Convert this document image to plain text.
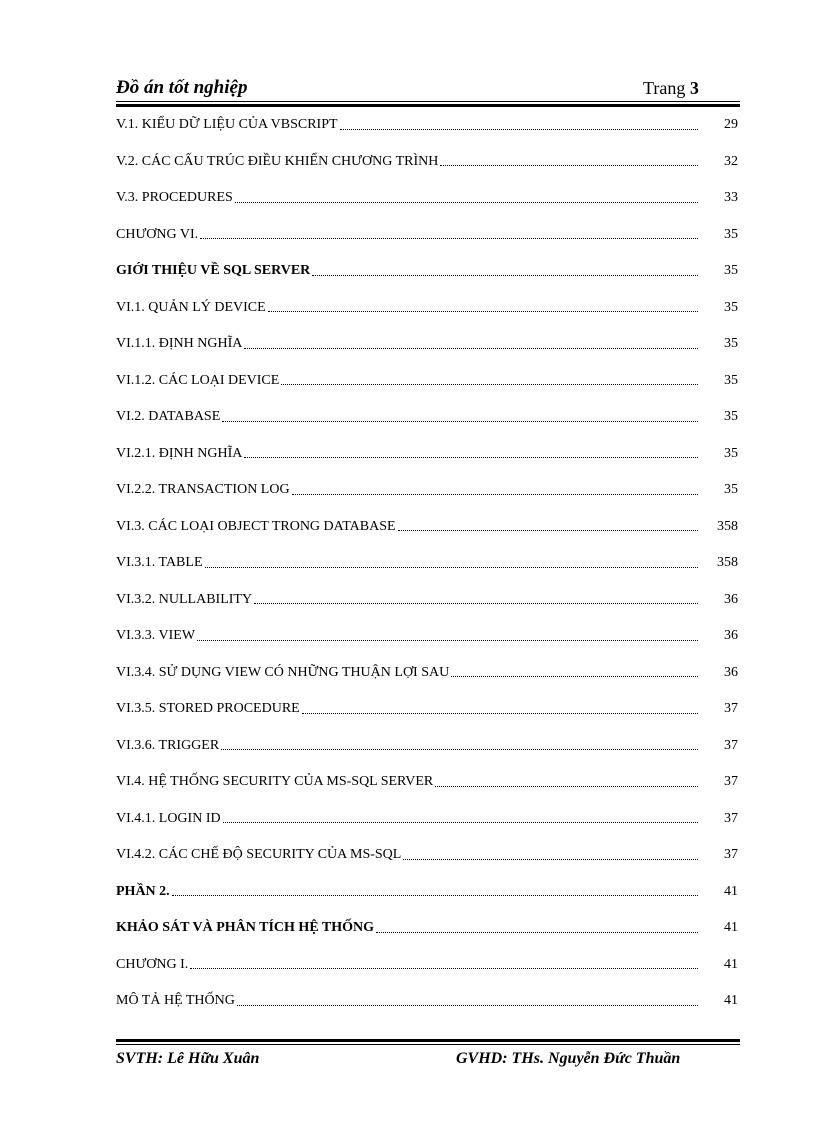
Đồ án tốt nghiệp	Trang 3
V.1. KIỂU DỮ LIỆU CỦA VBSCRIPT	29
V.2. CÁC CẤU TRÚC ĐIỀU KHIỂN CHƯƠNG TRÌNH	32
V.3. PROCEDURES	33
CHƯƠNG VI.	35
GIỚI THIỆU VỀ SQL SERVER	35
VI.1. QUẢN LÝ DEVICE	35
VI.1.1. ĐỊNH NGHĨA	35
VI.1.2. CÁC LOẠI DEVICE	35
VI.2. DATABASE	35
VI.2.1. ĐỊNH NGHĨA	35
VI.2.2. TRANSACTION LOG	35
VI.3. CÁC LOẠI OBJECT TRONG DATABASE	358
VI.3.1. TABLE	358
VI.3.2. NULLABILITY	36
VI.3.3. VIEW	36
VI.3.4. SỬ DỤNG VIEW CÓ NHỮNG THUẬN LỢI SAU	36
VI.3.5. STORED PROCEDURE	37
VI.3.6. TRIGGER	37
VI.4. HỆ THỐNG SECURITY CỦA MS-SQL SERVER	37
VI.4.1. LOGIN ID	37
VI.4.2. CÁC CHẾ ĐỘ SECURITY CỦA MS-SQL	37
PHẦN 2.	41
KHẢO SÁT VÀ PHÂN TÍCH HỆ THỐNG	41
CHƯƠNG I.	41
MÔ TẢ HỆ THỐNG	41
SVTH: Lê Hữu Xuân	GVHD: THs. Nguyễn Đức Thuần
